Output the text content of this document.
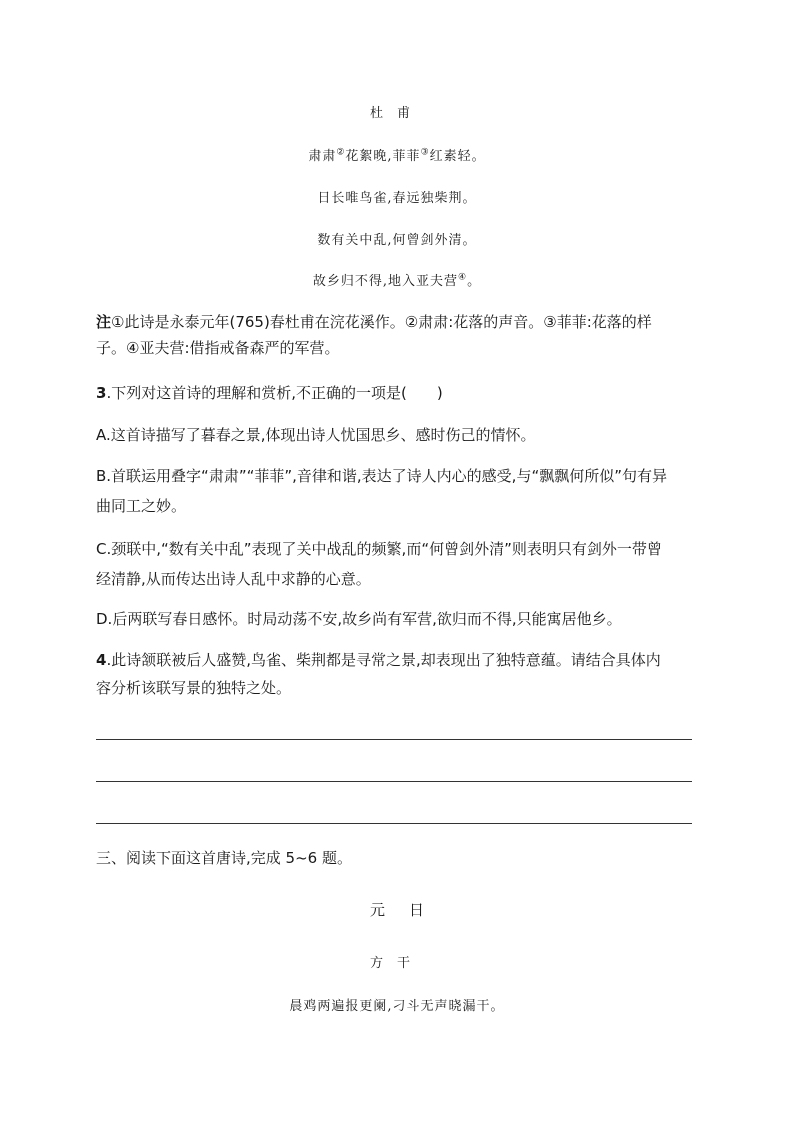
杜甫
肃肃②花絮晚,菲菲③红素轻。
日长唯鸟雀,春远独柴荆。
数有关中乱,何曾剑外清。
故乡归不得,地入亚夫营④。
注①此诗是永泰元年(765)春杜甫在浣花溪作。②肃肃:花落的声音。③菲菲:花落的样
子。④亚夫营:借指戒备森严的军营。
3.下列对这首诗的理解和赏析,不正确的一项是(　　)
A.这首诗描写了暮春之景,体现出诗人忧国思乡、感时伤己的情怀。
B.首联运用叠字“肃肃”“菲菲”,音律和谐,表达了诗人内心的感受,与“飘飘何所似”句有异
曲同工之妙。
C.颈联中,“数有关中乱”表现了关中战乱的频繁,而“何曾剑外清”则表明只有剑外一带曾
经清静,从而传达出诗人乱中求静的心意。
D.后两联写春日感怀。时局动荡不安,故乡尚有军营,欲归而不得,只能寓居他乡。
4.此诗颔联被后人盛赞,鸟雀、柴荆都是寻常之景,却表现出了独特意蕴。请结合具体内
容分析该联写景的独特之处。
三、阅读下面这首唐诗,完成 5~6 题。
元日
方干
晨鸡两遍报更阑,刁斗无声晓漏干。
